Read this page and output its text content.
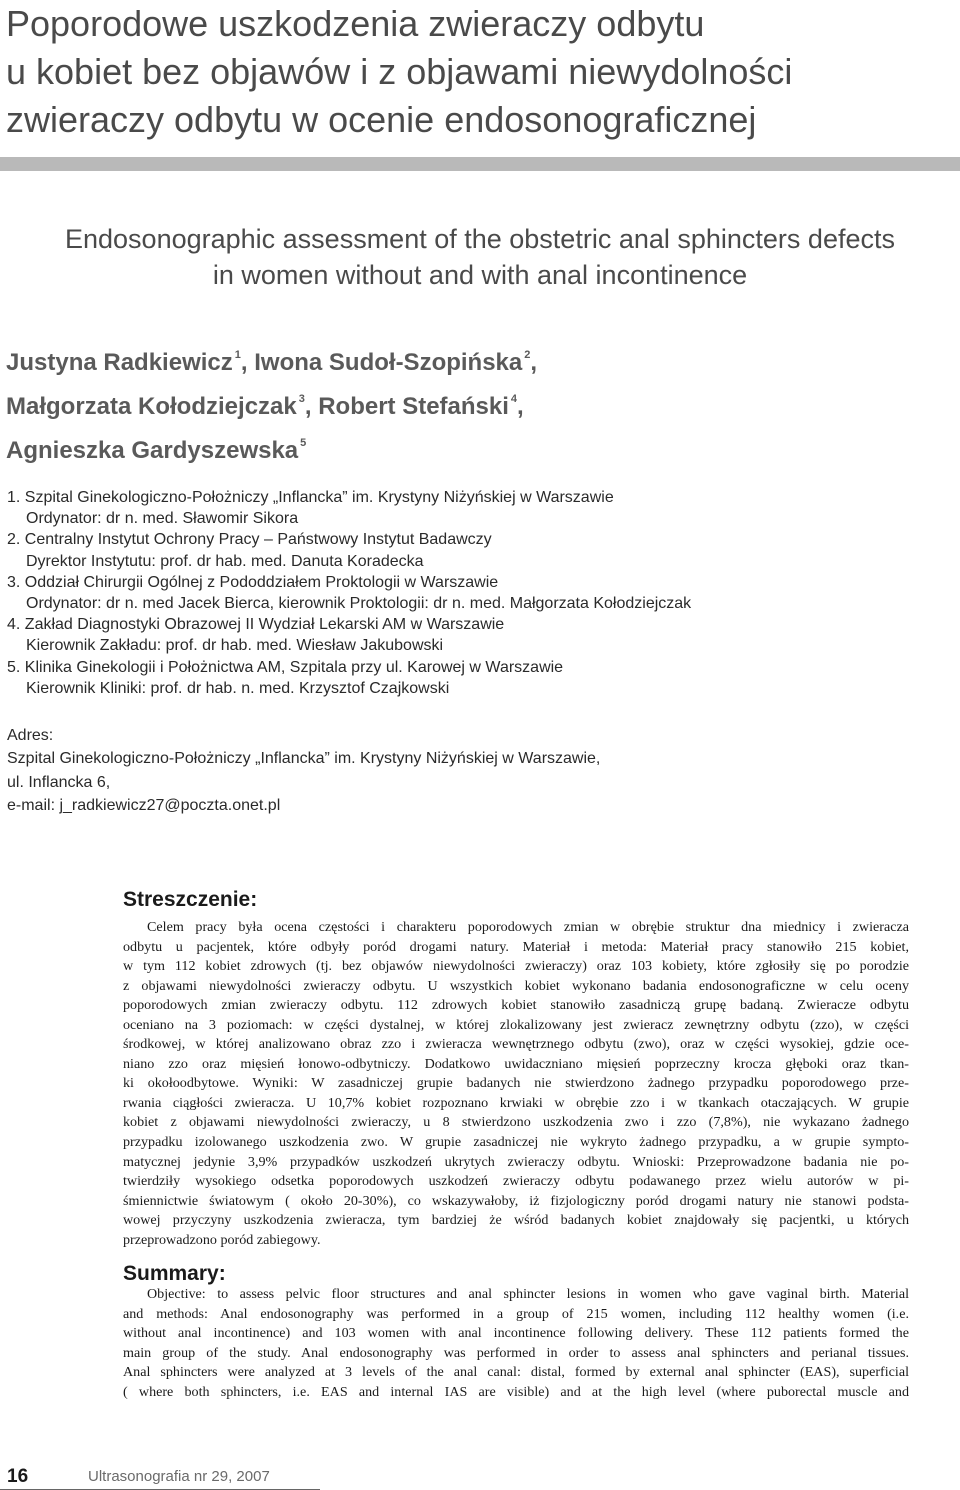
Poporodowe uszkodzenia zwieraczy odbytu
u kobiet bez objawów i z objawami niewydolności
zwieraczy odbytu w ocenie endosonograficznej
Endosonographic assessment of the obstetric anal sphincters defects
in women without and with anal incontinence
Justyna Radkiewicz $^1$, Iwona Sudoł-Szopińska $^2$,
Małgorzata Kołodziejczak $^3$, Robert Stefański $^4$,
Agnieszka Gardyszewska $^5$
1. Szpital Ginekologiczno-Położniczy „Inflancka” im. Krystyny Niżyńskiej w Warszawie
Ordynator: dr n. med. Sławomir Sikora
2. Centralny Instytut Ochrony Pracy – Państwowy Instytut Badawczy
Dyrektor Instytutu: prof. dr hab. med. Danuta Koradecka
3. Oddział Chirurgii Ogólnej z Pododdziałem Proktologii w Warszawie
Ordynator: dr n. med Jacek Bierca, kierownik Proktologii: dr n. med. Małgorzata Kołodziejczak
4. Zakład Diagnostyki Obrazowej II Wydział Lekarski AM w Warszawie
Kierownik Zakładu: prof. dr hab. med. Wiesław Jakubowski
5. Klinika Ginekologii i Położnictwa AM, Szpitala przy ul. Karowej w Warszawie
Kierownik Kliniki: prof. dr hab. n. med. Krzysztof Czajkowski
Adres:
Szpital Ginekologiczno-Położniczy „Inflancka” im. Krystyny Niżyńskiej w Warszawie,
ul. Inflancka 6,
e-mail: j_radkiewicz27@poczta.onet.pl
Streszczenie:
Celem pracy była ocena częstości i charakteru poporodowych zmian w obrębie struktur dna miednicy i zwieracza
odbytu u pacjentek, które odbyły poród drogami natury. Materiał i metoda: Materiał pracy stanowiło 215 kobiet,
w tym 112 kobiet zdrowych (tj. bez objawów niewydolności zwieraczy) oraz 103 kobiety, które zgłosiły się po porodzie
z objawami niewydolności zwieraczy odbytu. U wszystkich kobiet wykonano badania endosonograficzne w celu oceny
poporodowych zmian zwieraczy odbytu. 112 zdrowych kobiet stanowiło zasadniczą grupę badaną. Zwieracze odbytu
oceniano na 3 poziomach: w części dystalnej, w której zlokalizowany jest zwieracz zewnętrzny odbytu (zzo), w części
środkowej, w której analizowano obraz zzo i zwieracza wewnętrznego odbytu (zwo), oraz w części wysokiej, gdzie oce-
niano zzo oraz mięsień łonowo-odbytniczy. Dodatkowo uwidaczniano mięsień poprzeczny krocza głęboki oraz tkan-
ki okołoodbytowe. Wyniki: W zasadniczej grupie badanych nie stwierdzono żadnego przypadku poporodowego prze-
rwania ciągłości zwieracza. U 10,7% kobiet rozpoznano krwiaki w obrębie zzo i w tkankach otaczających. W grupie
kobiet z objawami niewydolności zwieraczy, u 8 stwierdzono uszkodzenia zwo i zzo (7,8%), nie wykazano żadnego
przypadku izolowanego uszkodzenia zwo. W grupie zasadniczej nie wykryto żadnego przypadku, a w grupie sympto-
matycznej jedynie 3,9% przypadków uszkodzeń ukrytych zwieraczy odbytu. Wnioski: Przeprowadzone badania nie po-
twierdziły wysokiego odsetka poporodowych uszkodzeń zwieraczy odbytu podawanego przez wielu autorów w pi-
śmiennictwie światowym ( około 20-30%), co wskazywałoby, iż fizjologiczny poród drogami natury nie stanowi podsta-
wowej przyczyny uszkodzenia zwieracza, tym bardziej że wśród badanych kobiet znajdowały się pacjentki, u których
przeprowadzono poród zabiegowy.
Summary:
Objective: to assess pelvic floor structures and anal sphincter lesions in women who gave vaginal birth. Material
and methods: Anal endosonography was performed in a group of 215 women, including 112 healthy women (i.e.
without anal incontinence) and 103 women with anal incontinence following delivery. These 112 patients formed the
main group of the study. Anal endosonography was performed in order to assess anal sphincters and perianal tissues.
Anal sphincters were analyzed at 3 levels of the anal canal: distal, formed by external anal sphincter (EAS), superficial
( where both sphincters, i.e. EAS and internal IAS are visible) and at the high level (where puborectal muscle and
16	Ultrasonografia nr 29, 2007
